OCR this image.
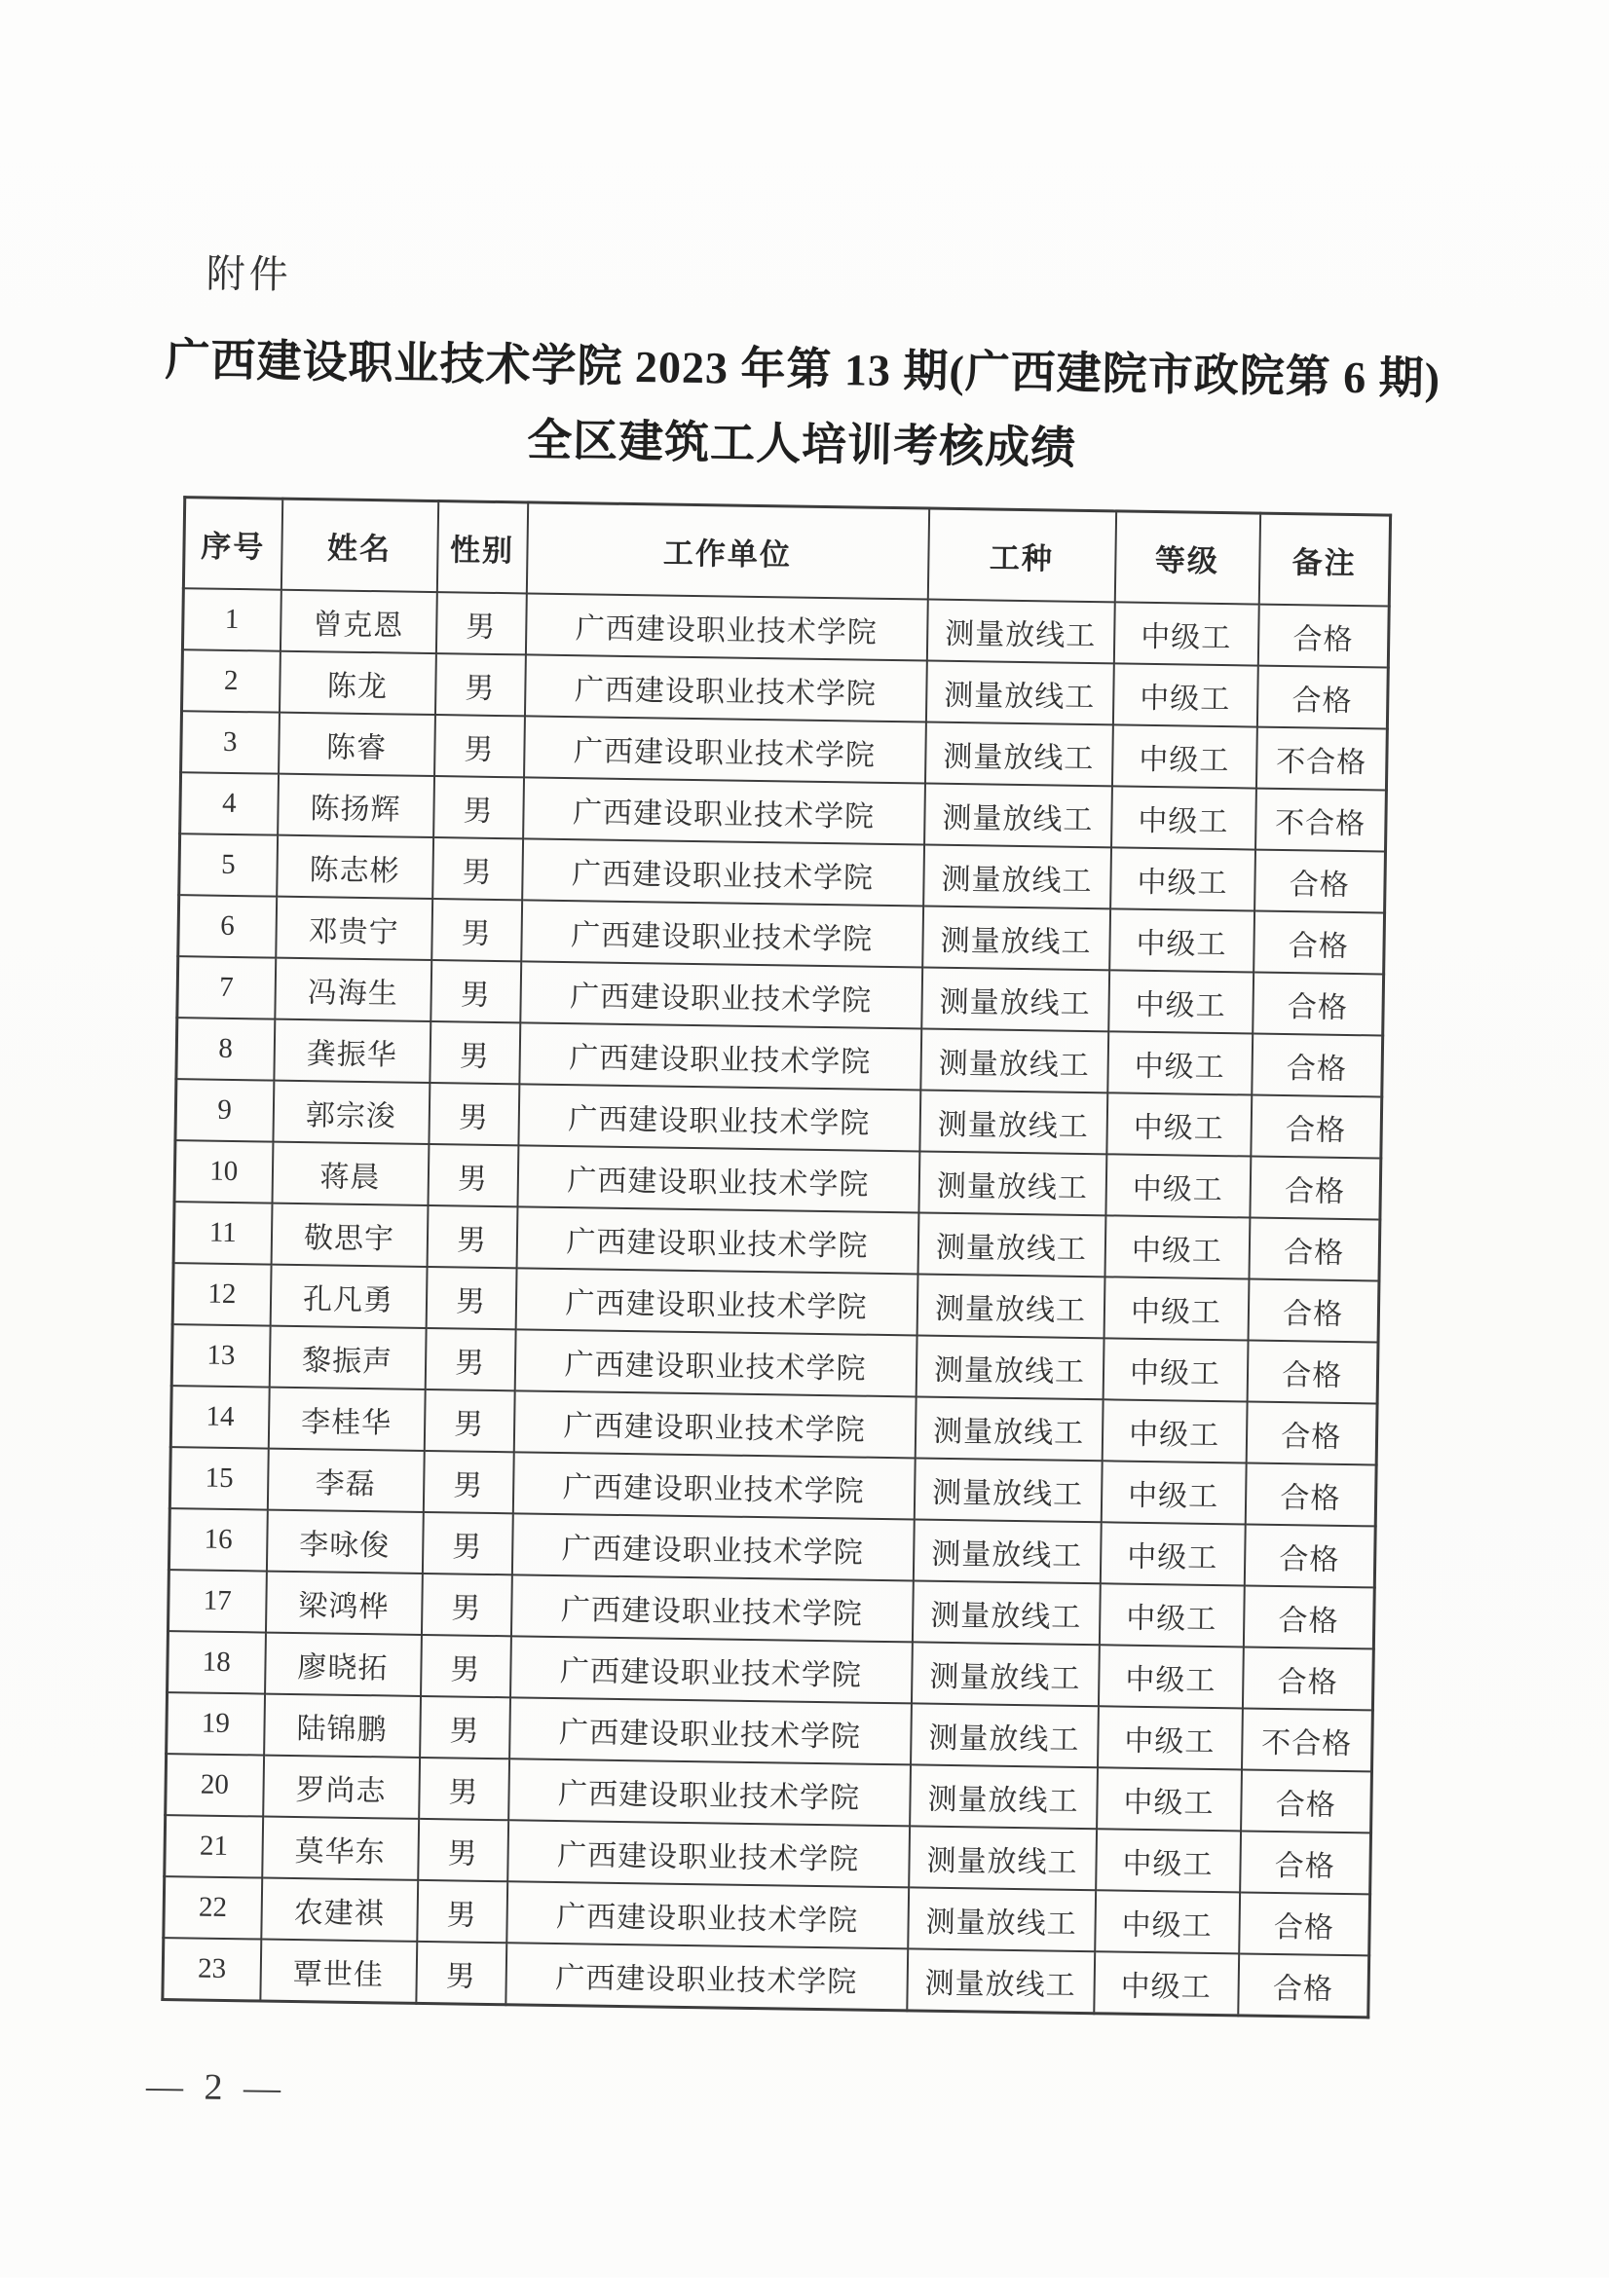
附件
广西建设职业技术学院 2023 年第 13 期(广西建院市政院第 6 期)
全区建筑工人培训考核成绩
序号	姓名	性别	工作单位	工种	等级	备注
1	曾克恩	男	广西建设职业技术学院	测量放线工	中级工	合格
2	陈龙	男	广西建设职业技术学院	测量放线工	中级工	合格
3	陈睿	男	广西建设职业技术学院	测量放线工	中级工	不合格
4	陈扬辉	男	广西建设职业技术学院	测量放线工	中级工	不合格
5	陈志彬	男	广西建设职业技术学院	测量放线工	中级工	合格
6	邓贵宁	男	广西建设职业技术学院	测量放线工	中级工	合格
7	冯海生	男	广西建设职业技术学院	测量放线工	中级工	合格
8	龚振华	男	广西建设职业技术学院	测量放线工	中级工	合格
9	郭宗浚	男	广西建设职业技术学院	测量放线工	中级工	合格
10	蒋晨	男	广西建设职业技术学院	测量放线工	中级工	合格
11	敬思宇	男	广西建设职业技术学院	测量放线工	中级工	合格
12	孔凡勇	男	广西建设职业技术学院	测量放线工	中级工	合格
13	黎振声	男	广西建设职业技术学院	测量放线工	中级工	合格
14	李桂华	男	广西建设职业技术学院	测量放线工	中级工	合格
15	李磊	男	广西建设职业技术学院	测量放线工	中级工	合格
16	李咏俊	男	广西建设职业技术学院	测量放线工	中级工	合格
17	梁鸿桦	男	广西建设职业技术学院	测量放线工	中级工	合格
18	廖晓拓	男	广西建设职业技术学院	测量放线工	中级工	合格
19	陆锦鹏	男	广西建设职业技术学院	测量放线工	中级工	不合格
20	罗尚志	男	广西建设职业技术学院	测量放线工	中级工	合格
21	莫华东	男	广西建设职业技术学院	测量放线工	中级工	合格
22	农建祺	男	广西建设职业技术学院	测量放线工	中级工	合格
23	覃世佳	男	广西建设职业技术学院	测量放线工	中级工	合格
— 2 —
